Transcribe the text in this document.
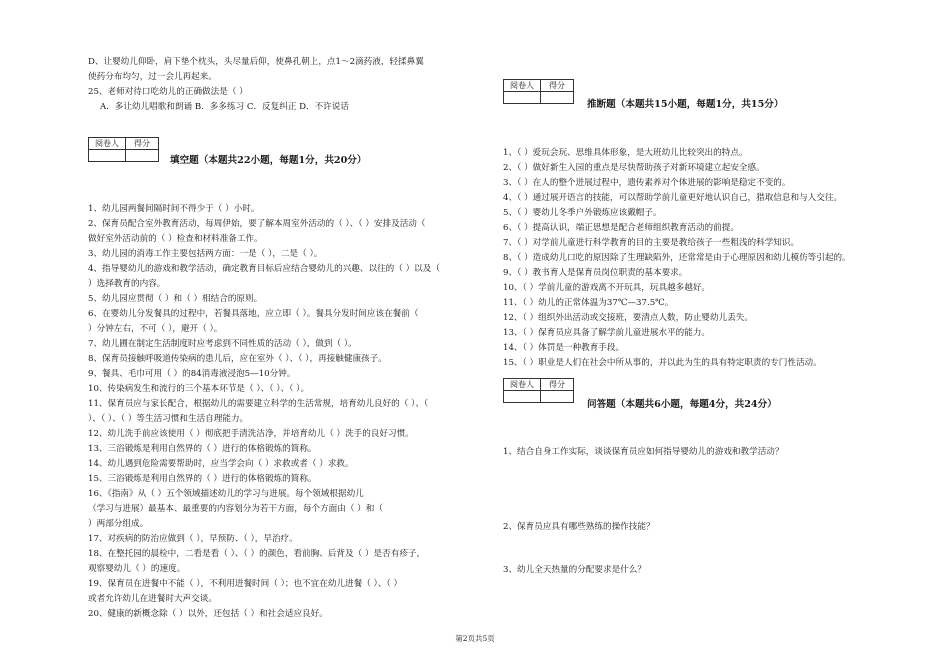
D、让婴幼儿仰卧，肩下垫个枕头，头尽量后仰，使鼻孔朝上，点1～2滴药液，轻揉鼻翼
使药分布均匀，过一会儿再起来。
25、老师对待口吃幼儿的正确做法是（ ）
A．多让幼儿唱歌和朗诵 B．多多练习 C．反复纠正 D．不许说话
阅卷人	得分

填空题（本题共22小题，每题1分，共20分）
1、幼儿园两餐间隔时间不得少于（ ）小时。
2、保育员配合室外教育活动，每周伊始，要了解本周室外活动的（ ）、（ ）安排及活动（
做好室外活动前的（ ）检查和材料准备工作。
3、幼儿园的消毒工作主要包括两方面：一是（ ），二是（ ）。
4、指导婴幼儿的游戏和教学活动，确定教育目标后应结合婴幼儿的兴趣、以往的（ ）以及（
）选择教育的内容。
5、幼儿园应贯彻（ ）和（ ）相结合的原则。
6、在婴幼儿分发餐具的过程中，若餐具落地，应立即（ ）。餐具分发时间应该在餐前（
）分钟左右，不可（ ），避开（ ）。
7、幼儿圃在制定生活制度时应考虑到不同性质的活动（ ），做到（ ）。
8、保育员接触呼吸道传染病的患儿后，应在室外（ ）、（ ），再接触健康孩子。
9、餐具、毛巾可用（ ）的84消毒液浸泡5—10分钟。
10、传染病发生和流行的三个基本环节是（ ）、（ ）、（ ）。
11、保育员应与家长配合，根据幼儿的需要建立科学的生活常规，培育幼儿良好的（ ）、（
）、（ ）、（ ）等生活习惯和生活自理能力。
12、幼儿洗手前应该使用（ ）彻底把手清洗洁净，并培育幼儿（ ）洗手的良好习惯。
13、三浴锻炼是利用自然界的（ ）进行的体格锻炼的简称。
14、幼儿遇到危险需要帮助时，应当学会向（ ）求救或者（ ）求救。
15、三浴锻炼是利用自然界的（ ）进行的体格锻炼的简称。
16、《指南》从（ ）五个领域描述幼儿的学习与进展。每个领域根据幼儿
（学习与进展）最基本、最重要的内容划分为若干方面，每个方面由（ ）和（
）两部分组成。
17、对疾病的防治应做到（ ），早预防、（ ），早治疗。
18、在整托园的晨检中，二看是看（ ）、（ ）的颜色，看前胸、后背及（ ）是否有疹子，
观察婴幼儿（ ）的速度。
19、保育员在进餐中不能（ ），不利用进餐时间（ ）；也不宜在幼儿进餐（ ）、（ ）
或者允许幼儿在进餐时大声交谈。
20、健康的新概念除（ ）以外，还包括（ ）和社会适应良好。
阅卷人	得分

推断题（本题共15小题，每题1分，共15分）
1、（ ）爱玩会玩、思维具体形象，是大班幼儿比较突出的特点。
2、（ ）做好新生入园的重点是尽快帮助孩子对新环境建立起安全感。
3、（ ）在人的整个进展过程中，遗传素养对个体进展的影响是稳定不变的。
4、（ ）通过展开语言的技能，可以帮助学前儿童更好地认识自己，猎取信息和与人交往。
5、（ ）婴幼儿冬季户外锻炼应该戴帽子。
6、（ ）提高认识，端正思想是配合老师组织教育活动的前提。
7、（ ）对学前儿童进行科学教育的目的主要是教给孩子一些粗浅的科学知识。
8、（ ）造成幼儿口吃的原因除了生理缺陷外，还常常是由于心理原因和幼儿模仿等引起的。
9、（ ）教书育人是保育员岗位职责的基本要求。
10、（ ）学前儿童的游戏离不开玩具，玩具越多越好。
11、（ ）幼儿的正常体温为37℃—37.5℃。
12、（ ）组织外出活动或交接班，要清点人数，防止婴幼儿丢失。
13、（ ）保育员应具备了解学前儿童进展水平的能力。
14、（ ）体罚是一种教育手段。
15、（ ）职业是人们在社会中所从事的，并以此为生的具有特定职责的专门性活动。
阅卷人	得分

问答题（本题共6小题，每题4分，共24分）
1、结合自身工作实际，谈谈保育员应如何指导婴幼儿的游戏和教学活动？
2、保育员应具有哪些熟练的操作技能？
3、幼儿全天热量的分配要求是什么？
第2页共5页
